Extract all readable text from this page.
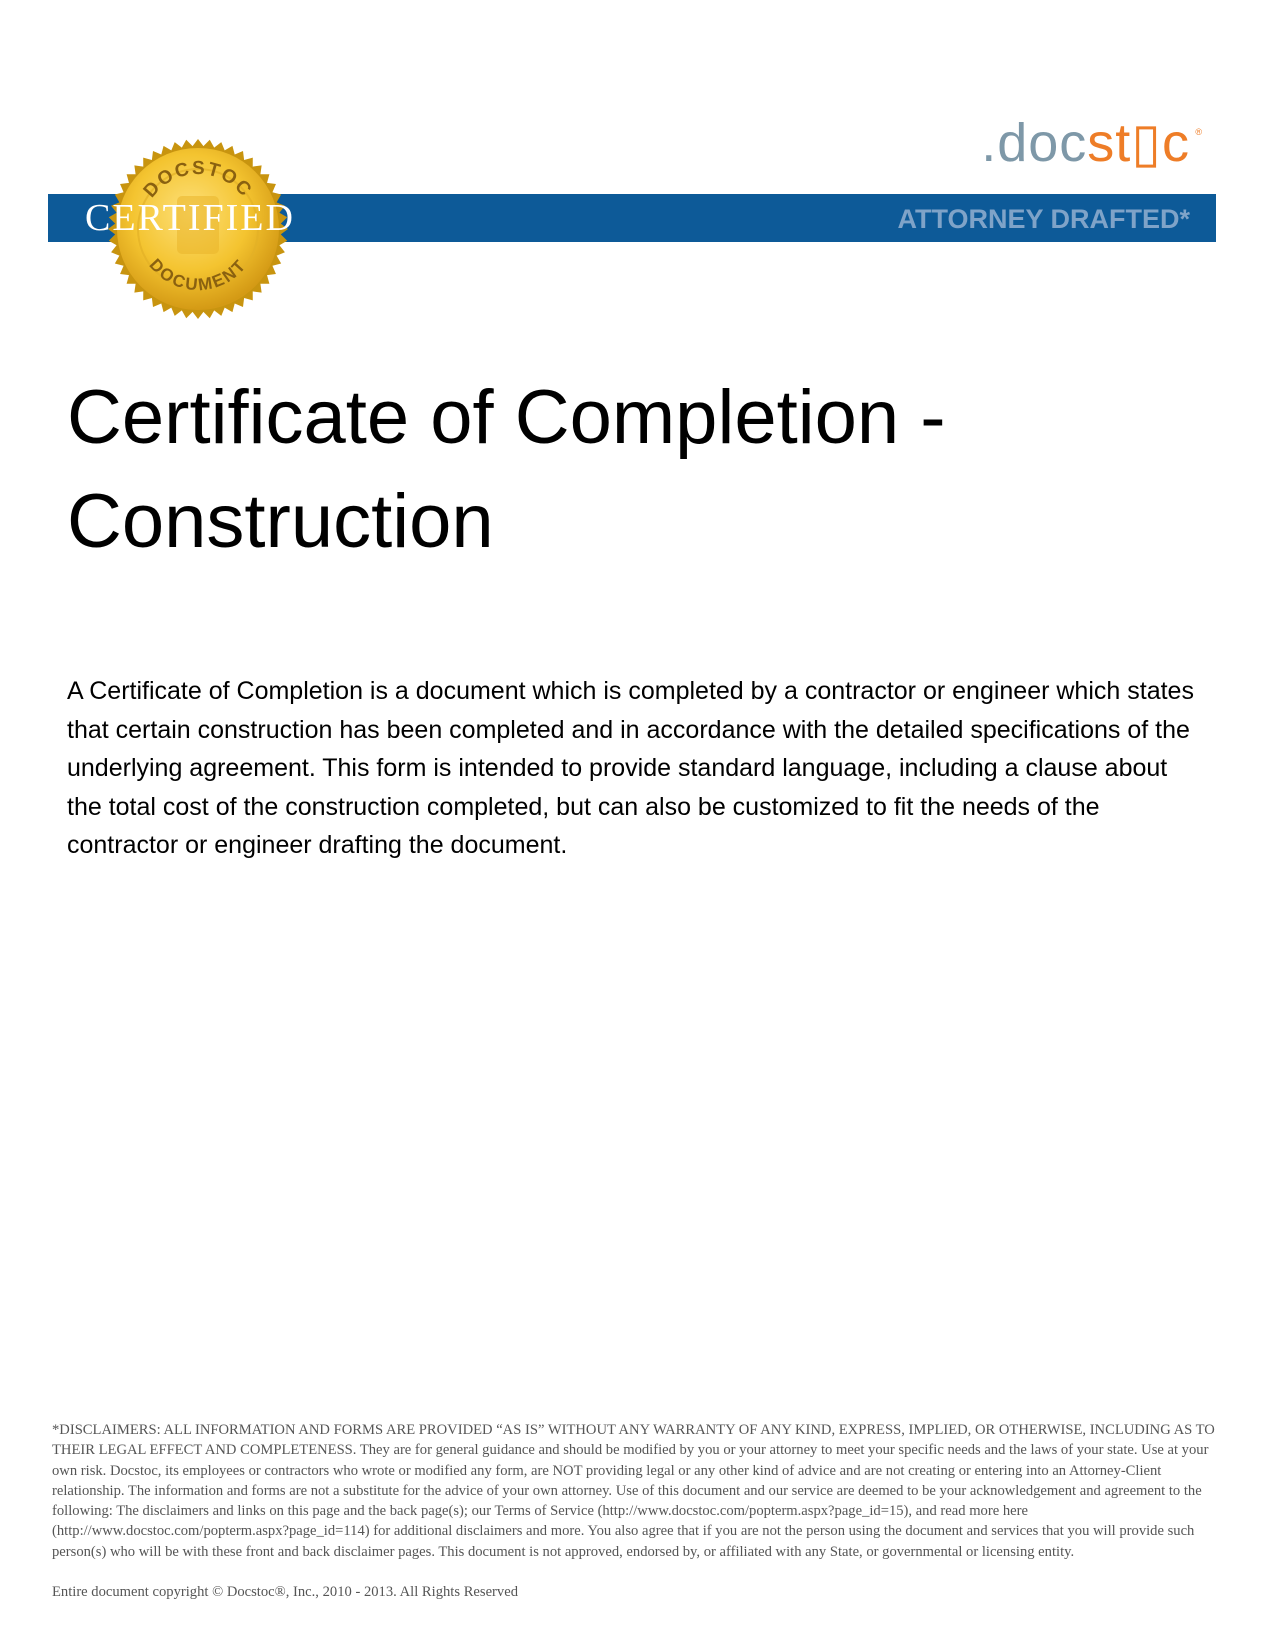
DOCSTOC
DOCUMENT
CERTIFIED
.docst▯c ®
ATTORNEY DRAFTED*
Certificate of Completion - Construction

A Certificate of Completion is a document which is completed by a contractor or engineer which states that certain construction has been completed and in accordance with the detailed specifications of the underlying agreement. This form is intended to provide standard language, including a clause about the total cost of the construction completed, but can also be customized to fit the needs of the contractor or engineer drafting the document.

*DISCLAIMERS: ALL INFORMATION AND FORMS ARE PROVIDED “AS IS” WITHOUT ANY WARRANTY OF ANY KIND, EXPRESS, IMPLIED, OR OTHERWISE, INCLUDING AS TO THEIR LEGAL EFFECT AND COMPLETENESS. They are for general guidance and should be modified by you or your attorney to meet your specific needs and the laws of your state. Use at your own risk. Docstoc, its employees or contractors who wrote or modified any form, are NOT providing legal or any other kind of advice and are not creating or entering into an Attorney-Client relationship. The information and forms are not a substitute for the advice of your own attorney. Use of this document and our service are deemed to be your acknowledgement and agreement to the following: The disclaimers and links on this page and the back page(s); our Terms of Service (http://www.docstoc.com/popterm.aspx?page_id=15), and read more here (http://www.docstoc.com/popterm.aspx?page_id=114) for additional disclaimers and more. You also agree that if you are not the person using the document and services that you will provide such person(s) who will be with these front and back disclaimer pages. This document is not approved, endorsed by, or affiliated with any State, or governmental or licensing entity.

Entire document copyright © Docstoc®, Inc., 2010 - 2013. All Rights Reserved
